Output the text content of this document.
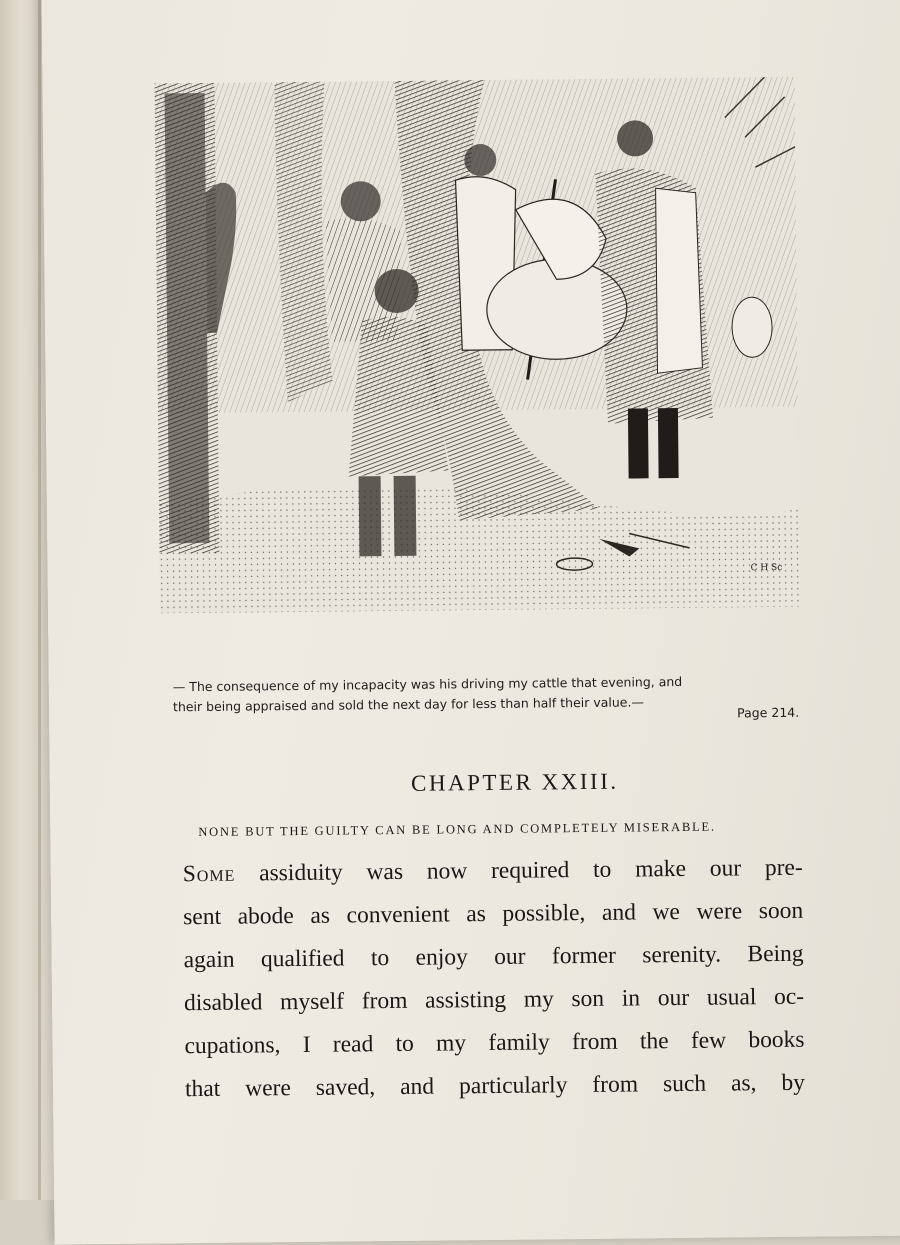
C H Sc
— The consequence of my incapacity was his driving my cattle that evening, and
their being appraised and sold the next day for less than half their value.—	Page 214.
CHAPTER XXIII.
NONE BUT THE GUILTY CAN BE LONG AND COMPLETELY MISERABLE.
Some assiduity was now required to make our pre-
sent abode as convenient as possible, and we were soon
again qualified to enjoy our former serenity. Being
disabled myself from assisting my son in our usual oc-
cupations, I read to my family from the few books
that were saved, and particularly from such as, by
